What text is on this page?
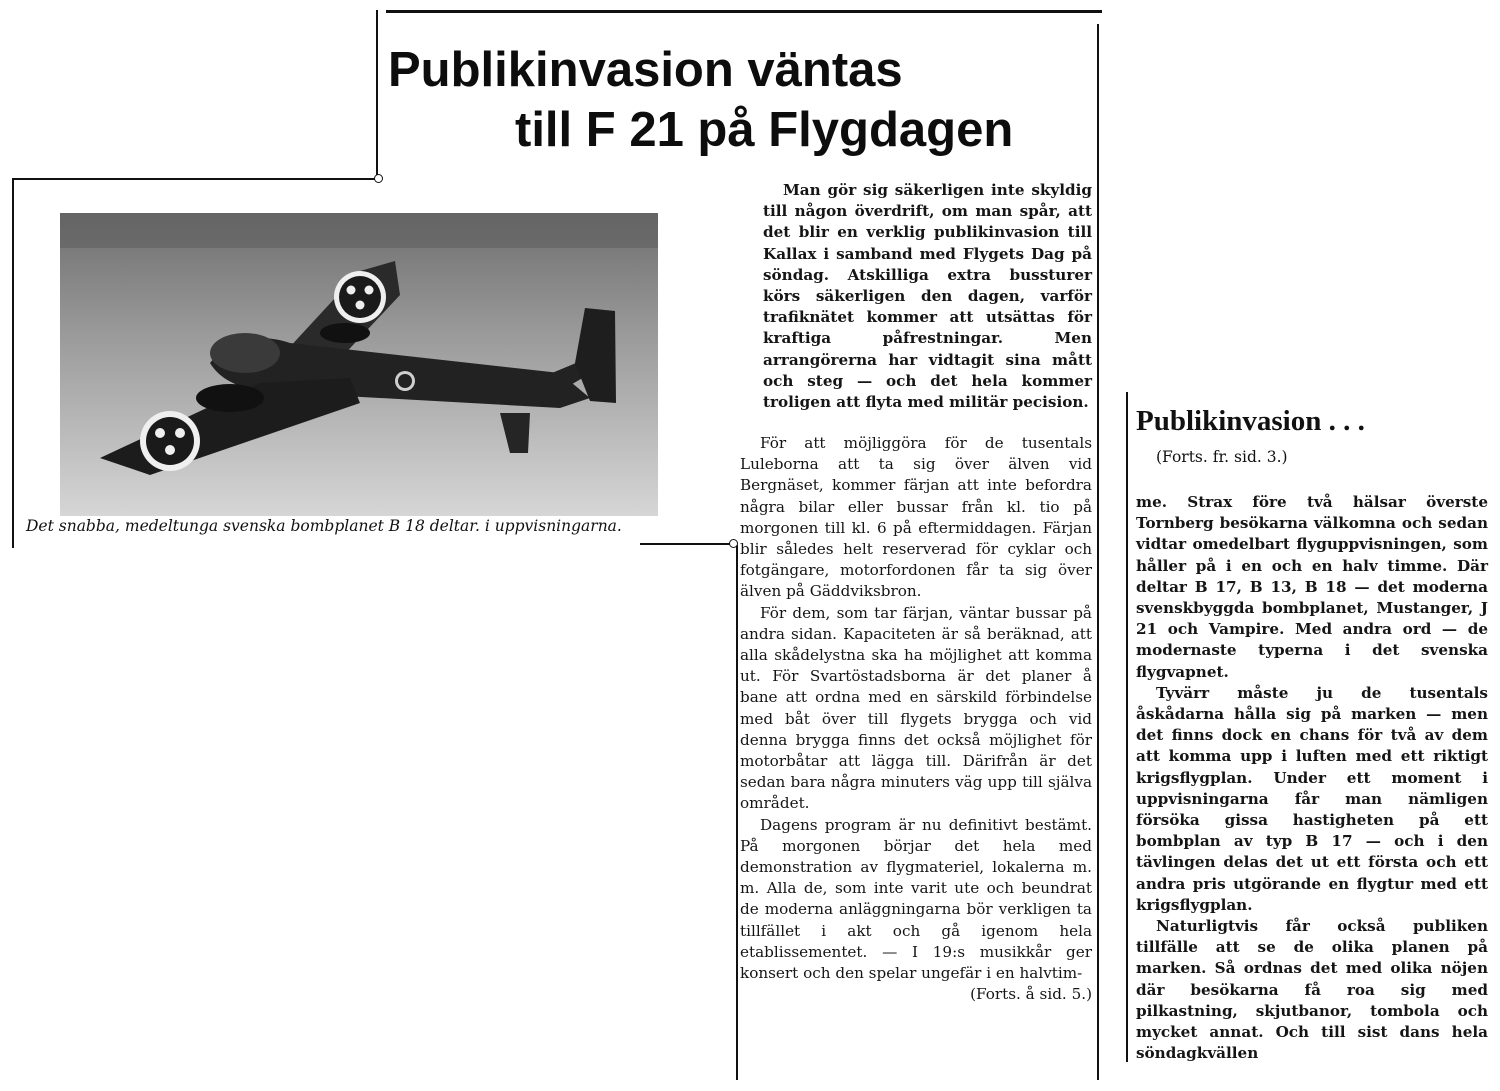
Publikinvasion väntas
till F 21 på Flygdagen
Det snabba, medeltunga svenska bombplanet B 18 deltar. i uppvisningarna.

Man gör sig säkerligen inte skyldig till någon överdrift, om man spår, att det blir en verklig publikinvasion till Kallax i samband med Flygets Dag på söndag. Atskilliga extra bussturer körs säkerligen den dagen, varför trafiknätet kommer att utsättas för kraftiga påfrestningar. Men arrangörerna har vidtagit sina mått och steg — och det hela kommer troligen att flyta med militär pecision.

För att möjliggöra för de tusentals Luleborna att ta sig över älven vid Bergnäset, kommer färjan att inte befordra några bilar eller bussar från kl. tio på morgonen till kl. 6 på eftermiddagen. Färjan blir således helt reserverad för cyklar och fotgängare, motorfordonen får ta sig över älven på Gäddviksbron.

För dem, som tar färjan, väntar bussar på andra sidan. Kapaciteten är så beräknad, att alla skådelystna ska ha möjlighet att komma ut. För Svartöstadsborna är det planer å bane att ordna med en särskild förbindelse med båt över till flygets brygga och vid denna brygga finns det också möjlighet för motorbåtar att lägga till. Därifrån är det sedan bara några minuters väg upp till själva området.

Dagens program är nu definitivt bestämt. På morgonen börjar det hela med demonstration av flygmateriel, lokalerna m. m. Alla de, som inte varit ute och beundrat de moderna anläggningarna bör verkligen ta tillfället i akt och gå igenom hela etablissementet. — I 19:s musikkår ger konsert och den spelar ungefär i en halvtim-

(Forts. å sid. 5.)

Publikinvasion . . .
(Forts. fr. sid. 3.)

me. Strax före två hälsar överste Tornberg besökarna välkomna och sedan vidtar omedelbart flyguppvisningen, som håller på i en och en halv timme. Där deltar B 17, B 13, B 18 — det moderna svenskbyggda bombplanet, Mustanger, J 21 och Vampire. Med andra ord — de modernaste typerna i det svenska flygvapnet.

Tyvärr måste ju de tusentals åskådarna hålla sig på marken — men det finns dock en chans för två av dem att komma upp i luften med ett riktigt krigsflygplan. Under ett moment i uppvisningarna får man nämligen försöka gissa hastigheten på ett bombplan av typ B 17 — och i den tävlingen delas det ut ett första och ett andra pris utgörande en flygtur med ett krigsflygplan.

Naturligtvis får också publiken tillfälle att se de olika planen på marken. Så ordnas det med olika nöjen där besökarna få roa sig med pilkastning, skjutbanor, tombola och mycket annat. Och till sist dans hela söndagkvällen
